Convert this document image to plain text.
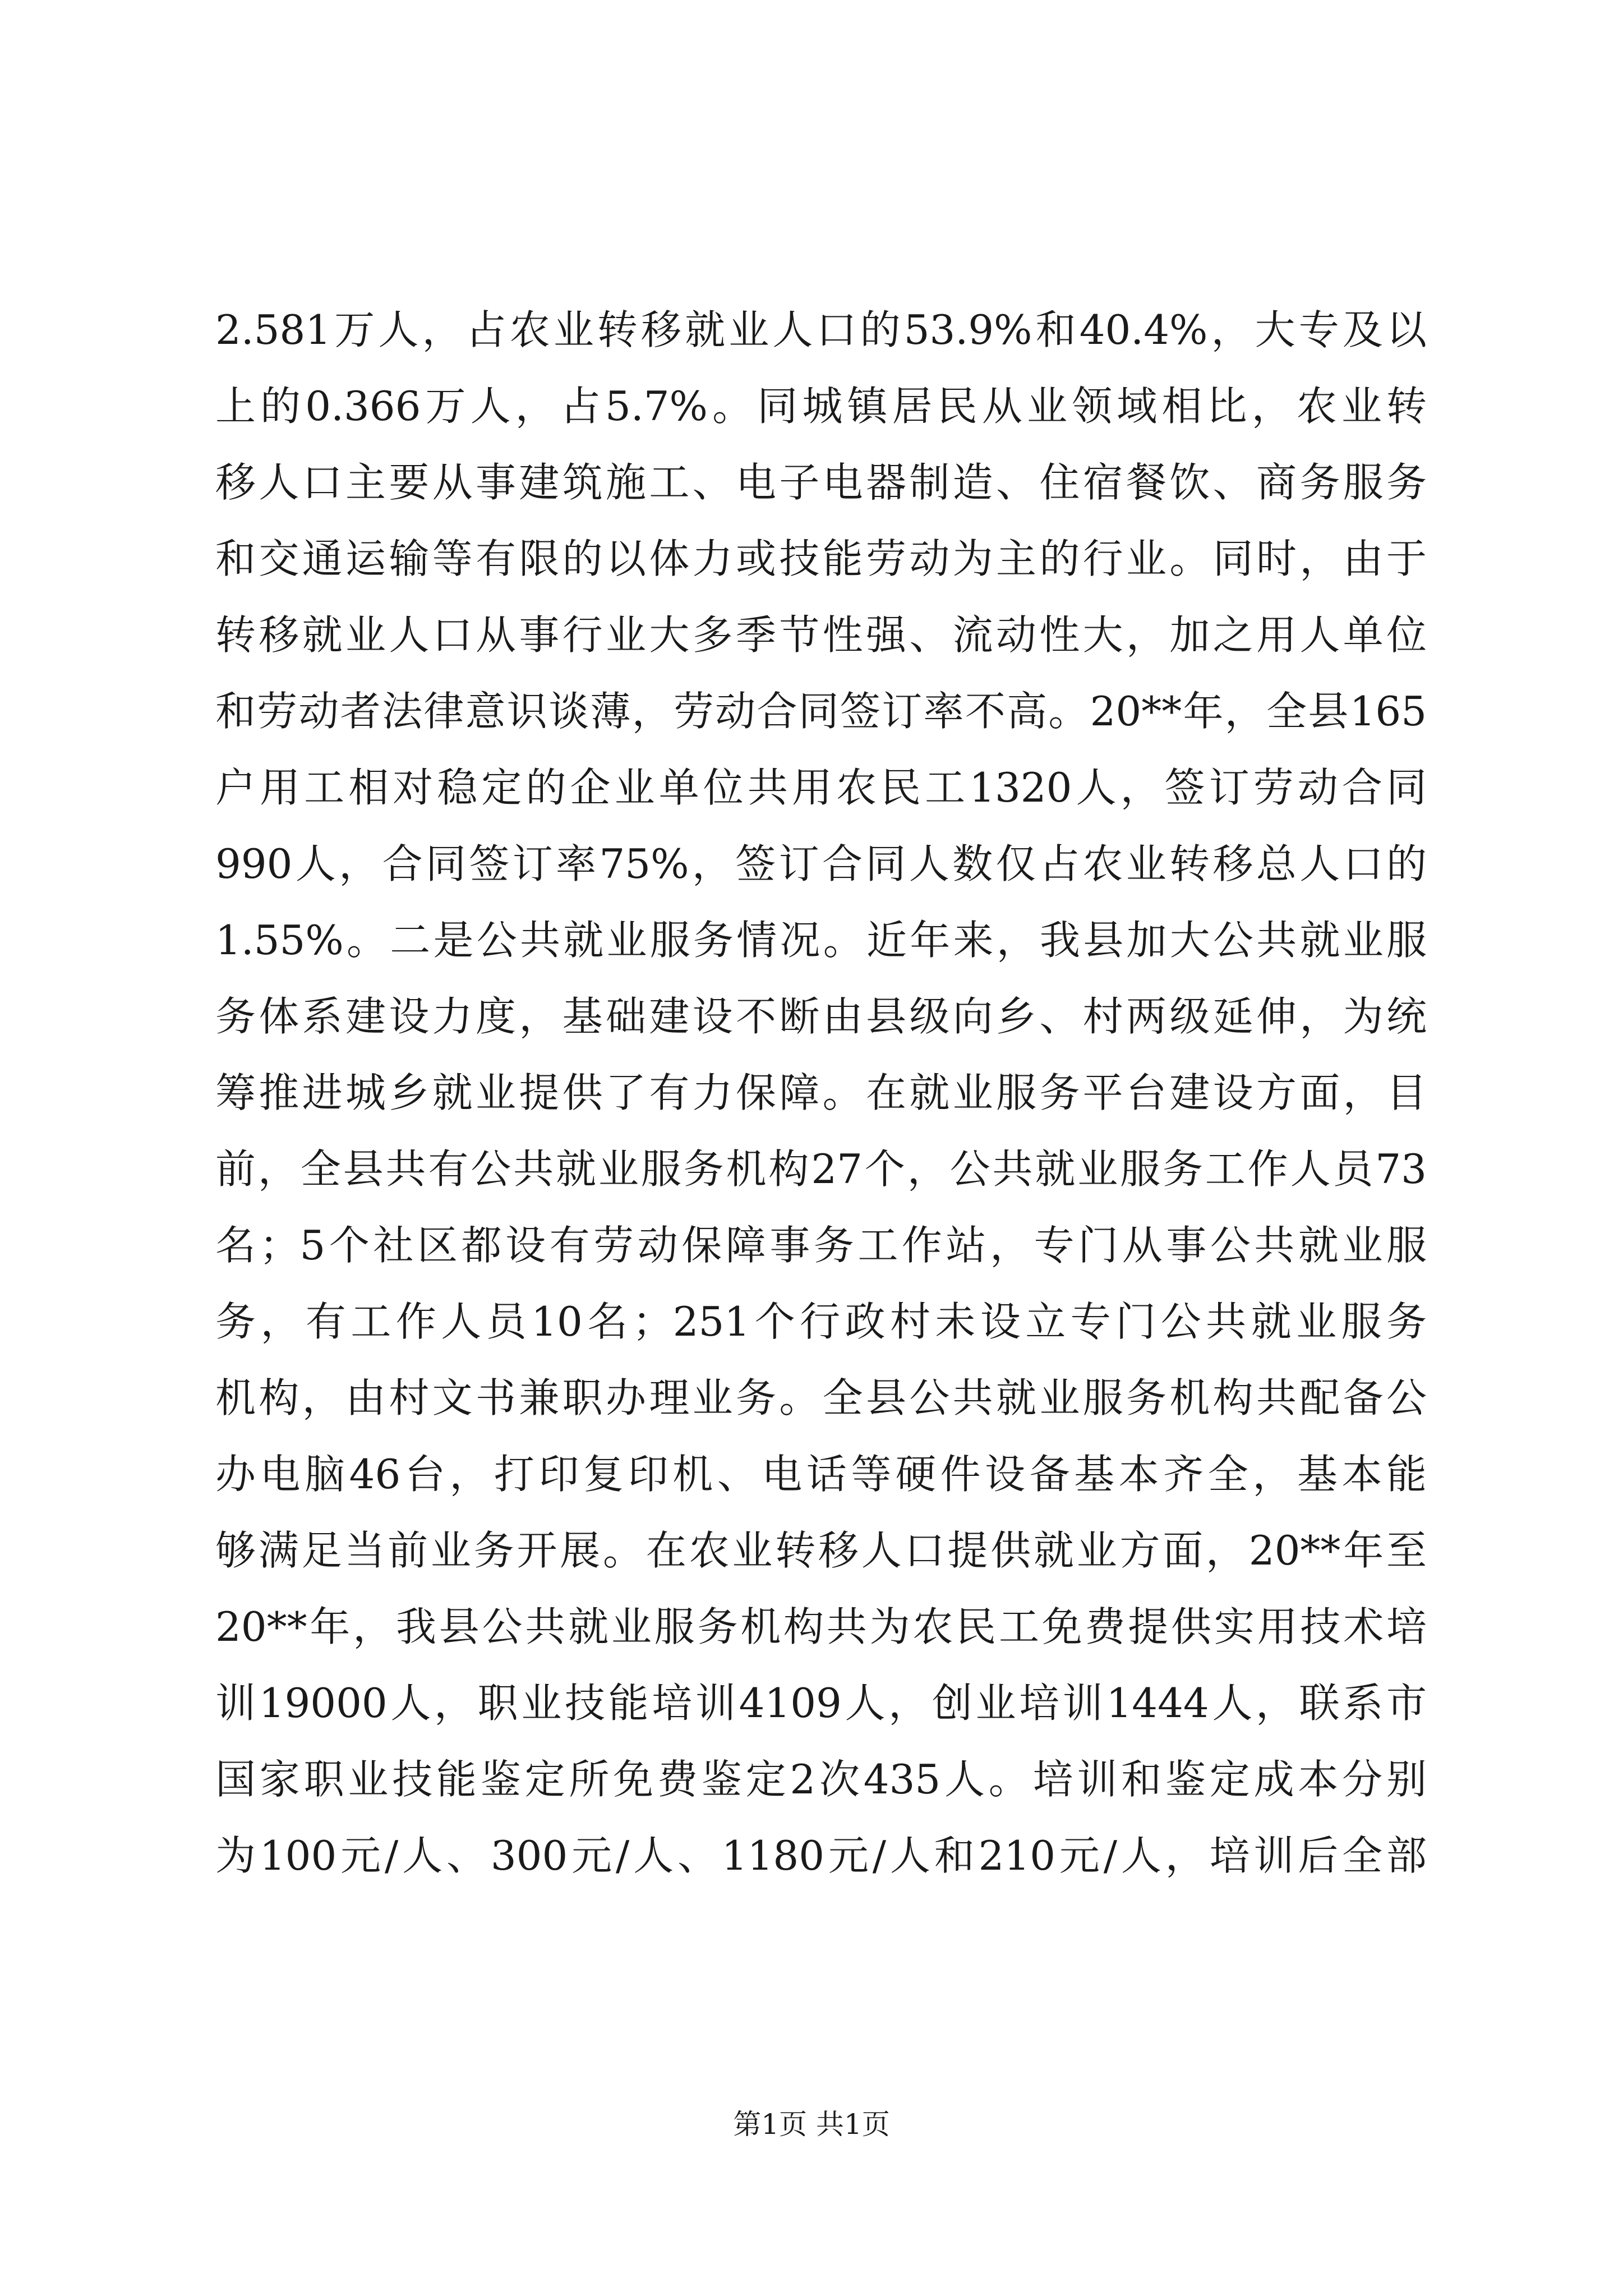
2.581万人，占农业转移就业人口的53.9%和40.4%，大专及以
上的0.366万人，占5.7%。同城镇居民从业领域相比，农业转
移人口主要从事建筑施工、电子电器制造、住宿餐饮、商务服务
和交通运输等有限的以体力或技能劳动为主的行业。同时，由于
转移就业人口从事行业大多季节性强、流动性大，加之用人单位
和劳动者法律意识谈薄，劳动合同签订率不高。20**年，全县165
户用工相对稳定的企业单位共用农民工1320人，签订劳动合同
990人，合同签订率75%，签订合同人数仅占农业转移总人口的
1.55%。二是公共就业服务情况。近年来，我县加大公共就业服
务体系建设力度，基础建设不断由县级向乡、村两级延伸，为统
筹推进城乡就业提供了有力保障。在就业服务平台建设方面，目
前，全县共有公共就业服务机构27个，公共就业服务工作人员73
名；5个社区都设有劳动保障事务工作站，专门从事公共就业服
务，有工作人员10名；251个行政村未设立专门公共就业服务
机构，由村文书兼职办理业务。全县公共就业服务机构共配备公
办电脑46台，打印复印机、电话等硬件设备基本齐全，基本能
够满足当前业务开展。在农业转移人口提供就业方面，20**年至
20**年，我县公共就业服务机构共为农民工免费提供实用技术培
训19000人，职业技能培训4109人，创业培训1444人，联系市
国家职业技能鉴定所免费鉴定2次435人。培训和鉴定成本分别
为100元/人、300元/人、1180元/人和210元/人，培训后全部
第1页 共1页
